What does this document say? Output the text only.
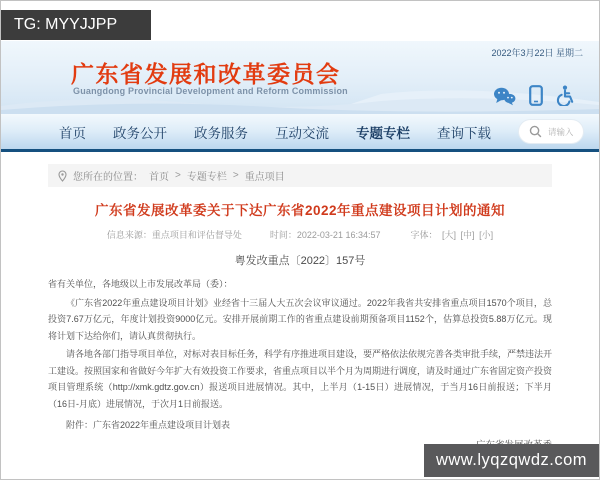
TG: MYYJJPP
广东省发展和改革委员会
Guangdong Provincial Development and Reform Commission
2022年3月22日 星期二
首页 政务公开 政务服务 互动交流 专题专栏 查询下载
请输入搜索内容...
您所在的位置： 首页 > 专题专栏 > 重点项目
广东省发展改革委关于下达广东省2022年重点建设项目计划的通知
信息来源：重点项目和评估督导处	时间：2022-03-21 16:34:57	字体： [大] [中] [小]
粤发改重点〔2022〕157号

省有关单位，各地级以上市发展改革局（委）：

《广东省2022年重点建设项目计划》业经省十三届人大五次会议审议通过。2022年我省共安排省重点项目1570个项目，总投资7.67万亿元，年度计划投资9000亿元。安排开展前期工作的省重点建设前期预备项目1152个，估算总投资5.88万亿元。现将计划下达给你们，请认真贯彻执行。

请各地各部门指导项目单位，对标对表目标任务，科学有序推进项目建设，要严格依法依规完善各类审批手续，严禁违法开工建设。按照国家和省做好今年扩大有效投资工作要求，省重点项目以半个月为周期进行调度，请及时通过广东省固定资产投资项目管理系统（http://xmk.gdtz.gov.cn）报送项目进展情况。其中，上半月（1-15日）进展情况，于当月16日前报送；下半月（16日-月底）进展情况，于次月1日前报送。

附件：广东省2022年重点建设项目计划表
www.lyqzqwdz.com
